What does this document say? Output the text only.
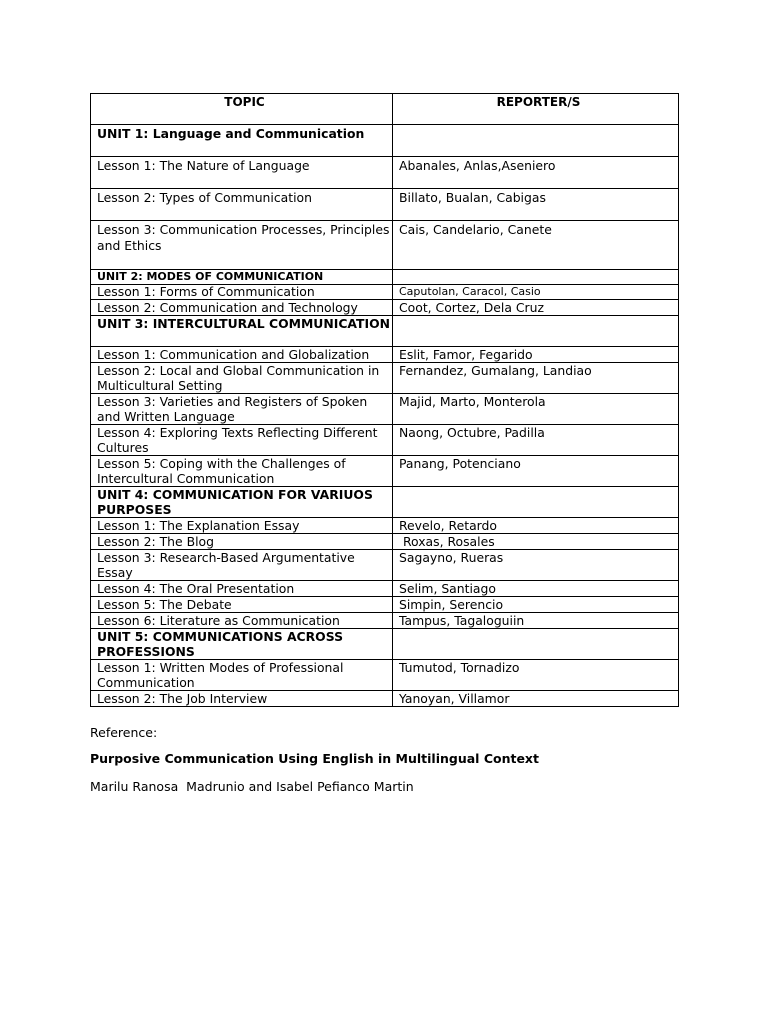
TOPIC	REPORTER/S
UNIT 1: Language and Communication	
Lesson 1: The Nature of Language	Abanales, Anlas,Aseniero
Lesson 2: Types of Communication	Billato, Bualan, Cabigas
Lesson 3: Communication Processes, Principles and Ethics	Cais, Candelario, Canete
UNIT 2: MODES OF COMMUNICATION	
Lesson 1: Forms of Communication	Caputolan, Caracol, Casio
Lesson 2: Communication and Technology	Coot, Cortez, Dela Cruz
UNIT 3: INTERCULTURAL COMMUNICATION	
Lesson 1: Communication and Globalization	Eslit, Famor, Fegarido
Lesson 2: Local and Global Communication in Multicultural Setting	Fernandez, Gumalang, Landiao
Lesson 3: Varieties and Registers of Spoken and Written Language	Majid, Marto, Monterola
Lesson 4: Exploring Texts Reflecting Different Cultures	Naong, Octubre, Padilla
Lesson 5: Coping with the Challenges of Intercultural Communication	Panang, Potenciano
UNIT 4: COMMUNICATION FOR VARIUOS PURPOSES	
Lesson 1: The Explanation Essay	Revelo, Retardo
Lesson 2: The Blog	Roxas, Rosales
Lesson 3: Research-Based Argumentative Essay	Sagayno, Rueras
Lesson 4: The Oral Presentation	Selim, Santiago
Lesson 5: The Debate	Simpin, Serencio
Lesson 6: Literature as Communication	Tampus, Tagaloguiin
UNIT 5: COMMUNICATIONS ACROSS PROFESSIONS	
Lesson 1: Written Modes of Professional Communication	Tumutod, Tornadizo
Lesson 2: The Job Interview	Yanoyan, Villamor
Reference:
Purposive Communication Using English in Multilingual Context
Marilu Ranosa  Madrunio and Isabel Pefianco Martin
